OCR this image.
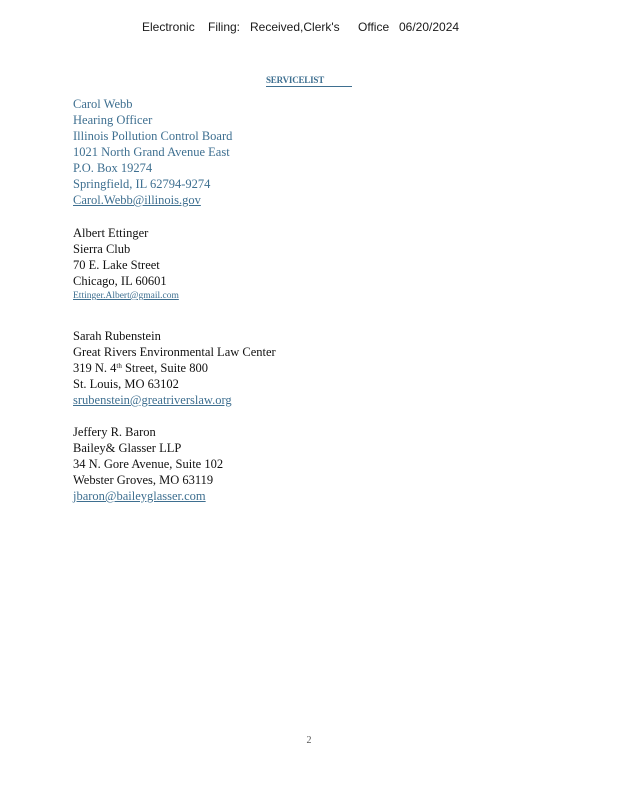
Electronic Filing: Received,Clerk's Office 06/20/2024
SERVICELIST
Carol Webb
Hearing Officer
Illinois Pollution Control Board
1021 North Grand Avenue East
P.O. Box 19274
Springfield, IL 62794-9274
Carol.Webb@illinois.gov
Albert Ettinger
Sierra Club
70 E. Lake Street
Chicago, IL 60601
Ettinger.Albert@gmail.com
Sarah Rubenstein
Great Rivers Environmental Law Center
319 N. 4th Street, Suite 800
St. Louis, MO 63102
srubenstein@greatriverslaw.org
Jeffery R. Baron
Bailey& Glasser LLP
34 N. Gore Avenue, Suite 102
Webster Groves, MO 63119
jbaron@baileyglasser.com
2
